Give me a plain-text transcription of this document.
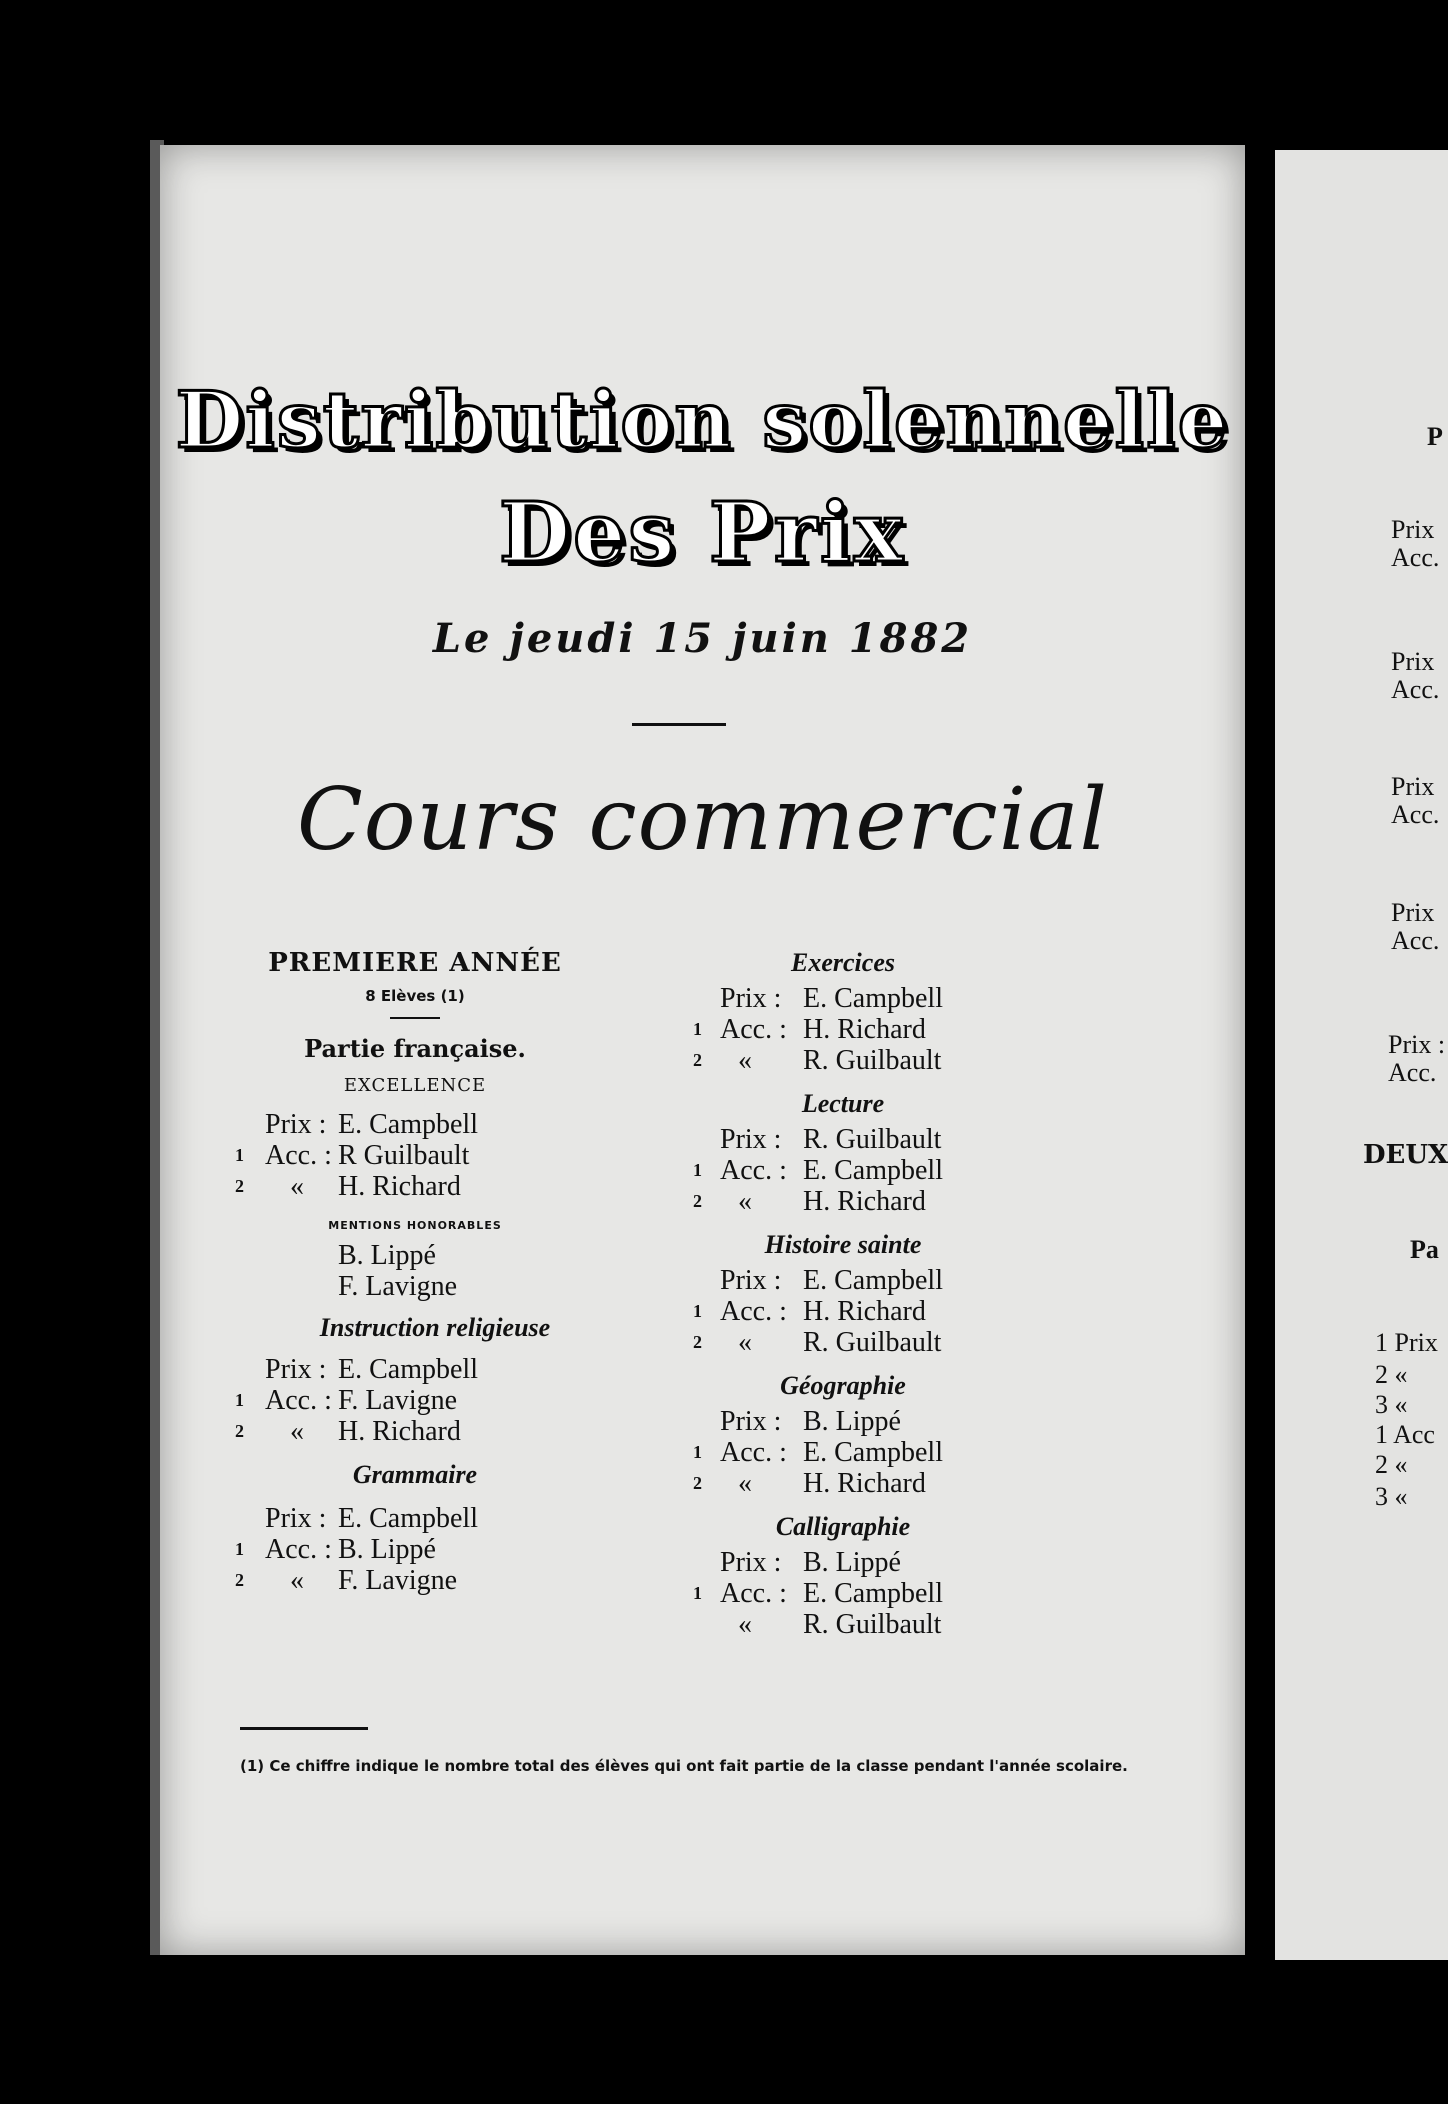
Distribution solennelle
Des Prix
Le jeudi 15 juin 1882
Cours commercial
PREMIERE ANNÉE
8 Elèves (1)
Partie française.
EXCELLENCE
Prix : E. Campbell
1 Acc. : R Guilbault
2 « H. Richard
MENTIONS HONORABLES
B. Lippé
F. Lavigne
Instruction religieuse
Prix : E. Campbell
1 Acc. : F. Lavigne
2 « H. Richard
Grammaire
Prix : E. Campbell
1 Acc. : B. Lippé
2 « F. Lavigne
Exercices
Prix : E. Campbell
1 Acc. : H. Richard
2 « R. Guilbault
Lecture
Prix : R. Guilbault
1 Acc. : E. Campbell
2 « H. Richard
Histoire sainte
Prix : E. Campbell
1 Acc. : H. Richard
2 « R. Guilbault
Géographie
Prix : B. Lippé
1 Acc. : E. Campbell
2 « H. Richard
Calligraphie
Prix : B. Lippé
1 Acc. : E. Campbell
« R. Guilbault
(1) Ce chiffre indique le nombre total des élèves qui ont fait partie de la classe pendant l'année scolaire.
P
Prix
Acc.
Prix
Acc.
Prix
Acc.
Prix
Acc.
Prix :
Acc.
DEUX
Pa
1 Prix
2 «
3 «
1 Acc
2 «
3 «
